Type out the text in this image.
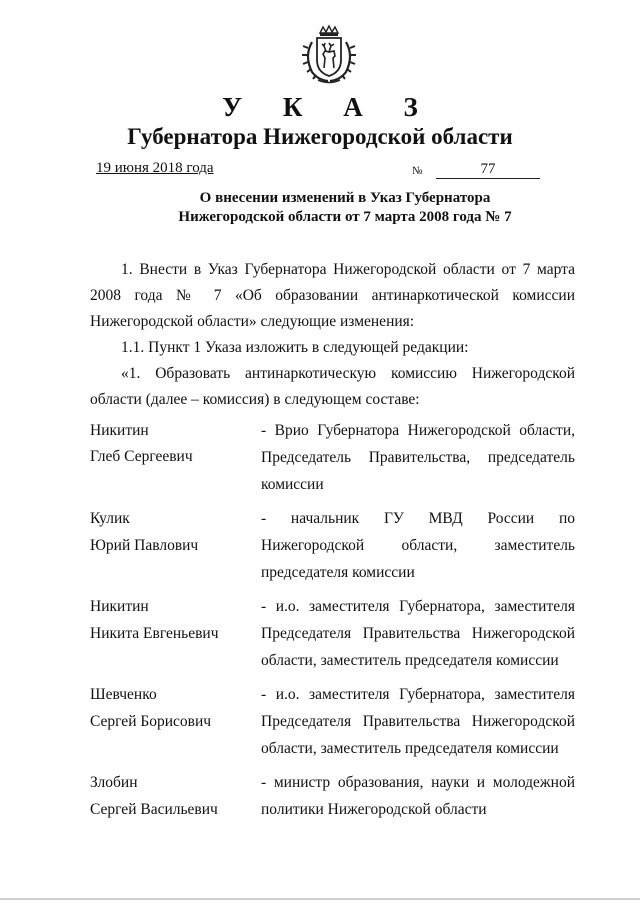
У К А З
Губернатора Нижегородской области
19 июня 2018 года	№	77
О внесении изменений в Указ Губернатора
Нижегородской области от 7 марта 2008 года № 7
1. Внести в Указ Губернатора Нижегородской области от 7 марта
2008 года № 7 «Об образовании антинаркотической комиссии
Нижегородской области» следующие изменения:
1.1. Пункт 1 Указа изложить в следующей редакции:
«1. Образовать антинаркотическую комиссию Нижегородской
области (далее – комиссия) в следующем составе:
Никитин
Глеб Сергеевич
- Врио Губернатора Нижегородской области,
Председатель Правительства, председатель
комиссии
Кулик
Юрий Павлович
- начальник ГУ МВД России по
Нижегородской области, заместитель
председателя комиссии
Никитин
Никита Евгеньевич
- и.о. заместителя Губернатора, заместителя
Председателя Правительства Нижегородской
области, заместитель председателя комиссии
Шевченко
Сергей Борисович
- и.о. заместителя Губернатора, заместителя
Председателя Правительства Нижегородской
области, заместитель председателя комиссии
Злобин
Сергей Васильевич
- министр образования, науки и молодежной
политики Нижегородской области
